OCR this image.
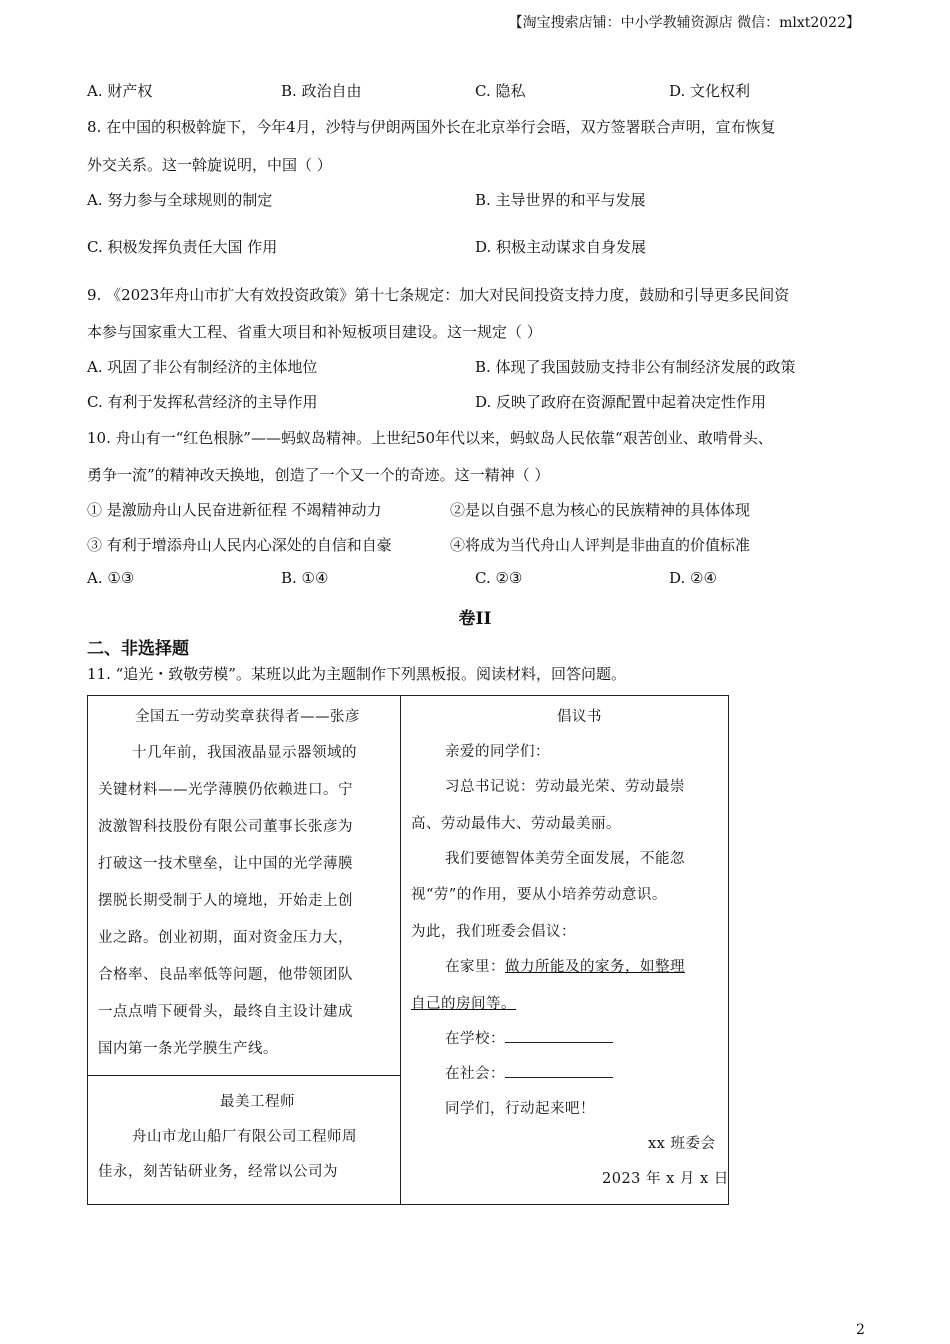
【淘宝搜索店铺：中小学教辅资源店 微信：mlxt2022】
A. 财产权	B. 政治自由	C. 隐私	D. 文化权利
8. 在中国的积极斡旋下，今年4月，沙特与伊朗两国外长在北京举行会晤，双方签署联合声明，宣布恢复
外交关系。这一斡旋说明，中国（ ）
A. 努力参与全球规则的制定	B. 主导世界的和平与发展
C. 积极发挥负责任大国 作用	D. 积极主动谋求自身发展
9. 《2023年舟山市扩大有效投资政策》第十七条规定：加大对民间投资支持力度，鼓励和引导更多民间资
本参与国家重大工程、省重大项目和补短板项目建设。这一规定（ ）
A. 巩固了非公有制经济的主体地位	B. 体现了我国鼓励支持非公有制经济发展的政策
C. 有利于发挥私营经济的主导作用	D. 反映了政府在资源配置中起着决定性作用
10. 舟山有一“红色根脉”——蚂蚁岛精神。上世纪50年代以来，蚂蚁岛人民依靠“艰苦创业、敢啃骨头、
勇争一流”的精神改天换地，创造了一个又一个的奇迹。这一精神（ ）
① 是激励舟山人民奋进新征程 不竭精神动力	②是以自强不息为核心的民族精神的具体体现
③ 有利于增添舟山人民内心深处的自信和自豪	④将成为当代舟山人评判是非曲直的价值标准
A. ①③	B. ①④	C. ②③	D. ②④
卷II
二、非选择题
11. “追光・致敬劳模”。某班以此为主题制作下列黑板报。阅读材料，回答问题。
全国五一劳动奖章获得者——张彦
十几年前，我国液晶显示器领域的
关键材料——光学薄膜仍依赖进口。宁
波激智科技股份有限公司董事长张彦为
打破这一技术壁垒，让中国的光学薄膜
摆脱长期受制于人的境地，开始走上创
业之路。创业初期，面对资金压力大，
合格率、良品率低等问题，他带领团队
一点点啃下硬骨头，最终自主设计建成
国内第一条光学膜生产线。
最美工程师
舟山市龙山船厂有限公司工程师周
佳永，刻苦钻研业务，经常以公司为
倡议书
亲爱的同学们：
习总书记说：劳动最光荣、劳动最崇
高、劳动最伟大、劳动最美丽。
我们要德智体美劳全面发展，不能忽
视“劳”的作用，要从小培养劳动意识。
为此，我们班委会倡议：
在家里：做力所能及的家务，如整理
自己的房间等。
在学校：
在社会：
同学们，行动起来吧！
xx 班委会
2023 年 x 月 x 日
2
